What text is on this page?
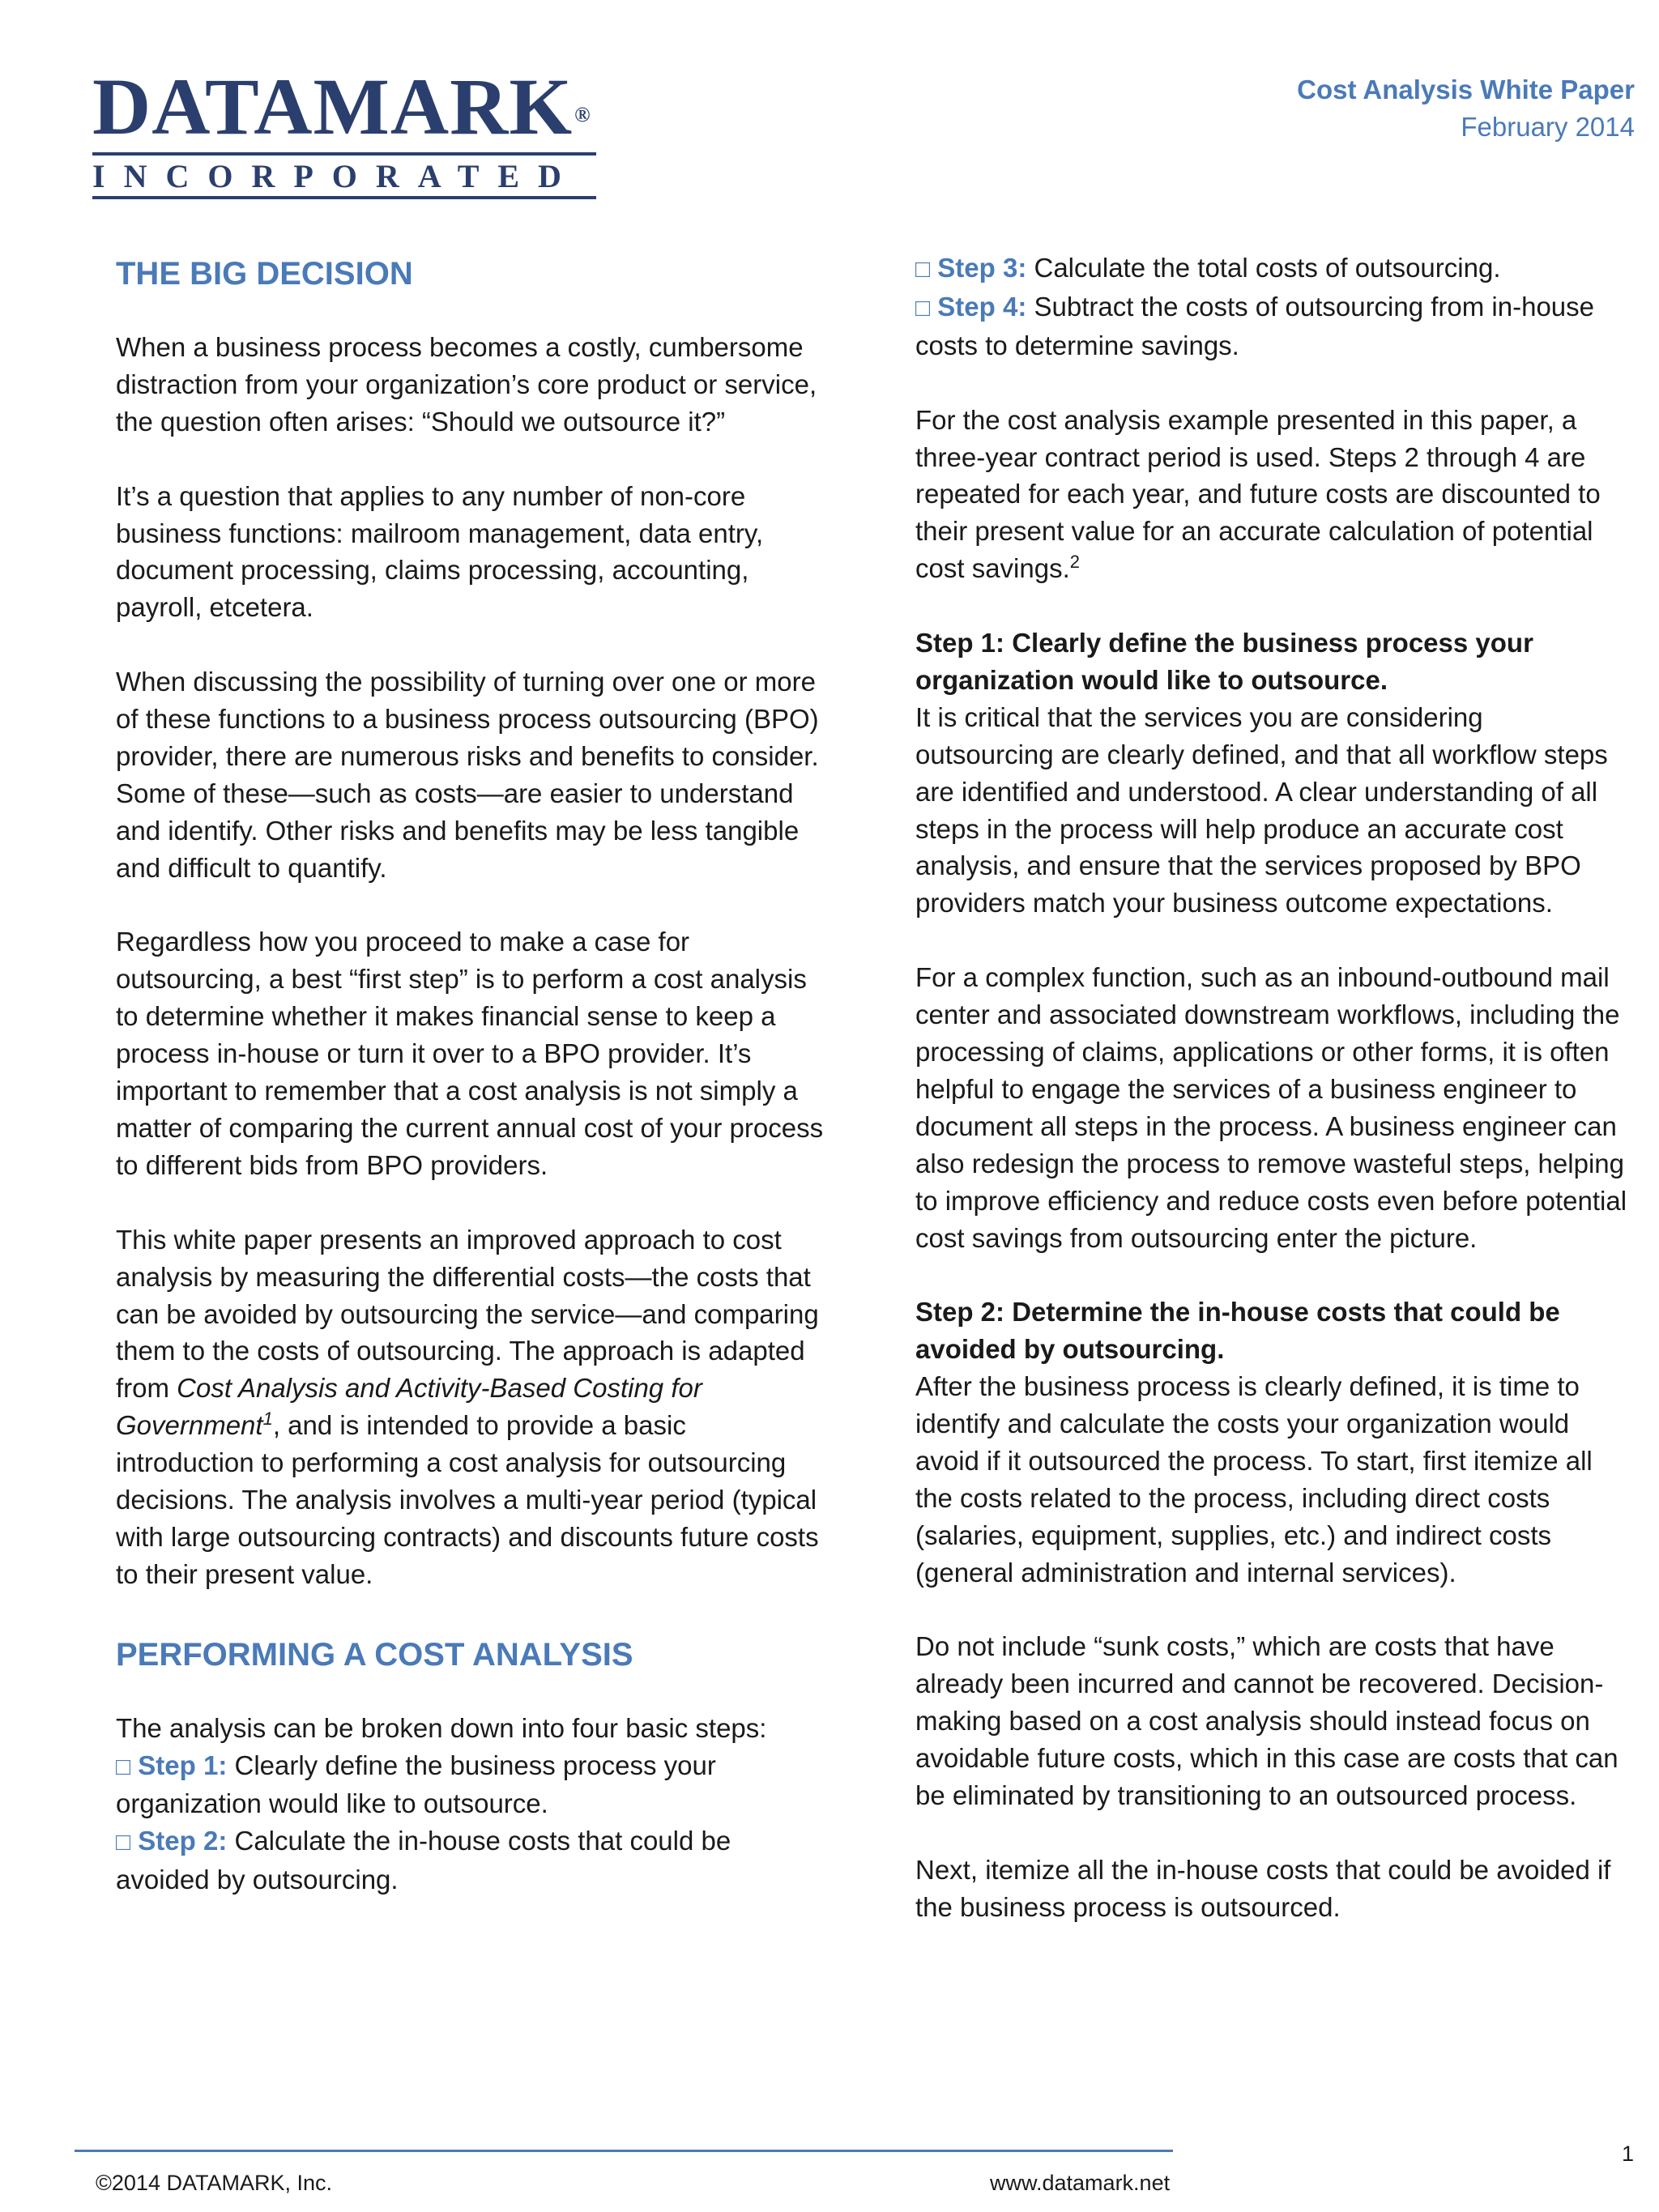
DATAMARK®
INCORPORATED
Cost Analysis White Paper
February 2014
THE BIG DECISION

When a business process becomes a costly, cumbersome distraction from your organization’s core product or service, the question often arises: “Should we outsource it?”

It’s a question that applies to any number of non-core business functions: mailroom management, data entry, document processing, claims processing, accounting, payroll, etcetera.

When discussing the possibility of turning over one or more of these functions to a business process outsourcing (BPO) provider, there are numerous risks and benefits to consider. Some of these—such as costs—are easier to understand and identify. Other risks and benefits may be less tangible and difficult to quantify.

Regardless how you proceed to make a case for outsourcing, a best “first step” is to perform a cost analysis to determine whether it makes financial sense to keep a process in-house or turn it over to a BPO provider. It’s important to remember that a cost analysis is not simply a matter of comparing the current annual cost of your process to different bids from BPO providers.

This white paper presents an improved approach to cost analysis by measuring the differential costs—the costs that can be avoided by outsourcing the service—and comparing them to the costs of outsourcing. The approach is adapted from Cost Analysis and Activity-Based Costing for Government$^1$, and is intended to provide a basic introduction to performing a cost analysis for outsourcing decisions. The analysis involves a multi-year period (typical with large outsourcing contracts) and discounts future costs to their present value.

PERFORMING A COST ANALYSIS
The analysis can be broken down into four basic steps:
□ Step 1: Clearly define the business process your organization would like to outsource.
□ Step 2: Calculate the in-house costs that could be avoided by outsourcing.
□ Step 3: Calculate the total costs of outsourcing.
□ Step 4: Subtract the costs of outsourcing from in-house costs to determine savings.

For the cost analysis example presented in this paper, a three-year contract period is used. Steps 2 through 4 are repeated for each year, and future costs are discounted to their present value for an accurate calculation of potential cost savings.$^2$

Step 1: Clearly define the business process your organization would like to outsource.

It is critical that the services you are considering outsourcing are clearly defined, and that all workflow steps are identified and understood. A clear understanding of all steps in the process will help produce an accurate cost analysis, and ensure that the services proposed by BPO providers match your business outcome expectations.

For a complex function, such as an inbound-outbound mail center and associated downstream workflows, including the processing of claims, applications or other forms, it is often helpful to engage the services of a business engineer to document all steps in the process. A business engineer can also redesign the process to remove wasteful steps, helping to improve efficiency and reduce costs even before potential cost savings from outsourcing enter the picture.

Step 2: Determine the in-house costs that could be avoided by outsourcing.

After the business process is clearly defined, it is time to identify and calculate the costs your organization would avoid if it outsourced the process. To start, first itemize all the costs related to the process, including direct costs (salaries, equipment, supplies, etc.) and indirect costs (general administration and internal services).

Do not include “sunk costs,” which are costs that have already been incurred and cannot be recovered. Decision-making based on a cost analysis should instead focus on avoidable future costs, which in this case are costs that can be eliminated by transitioning to an outsourced process.

Next, itemize all the in-house costs that could be avoided if the business process is outsourced.

©2014 DATAMARK, Inc.	www.datamark.net
1
